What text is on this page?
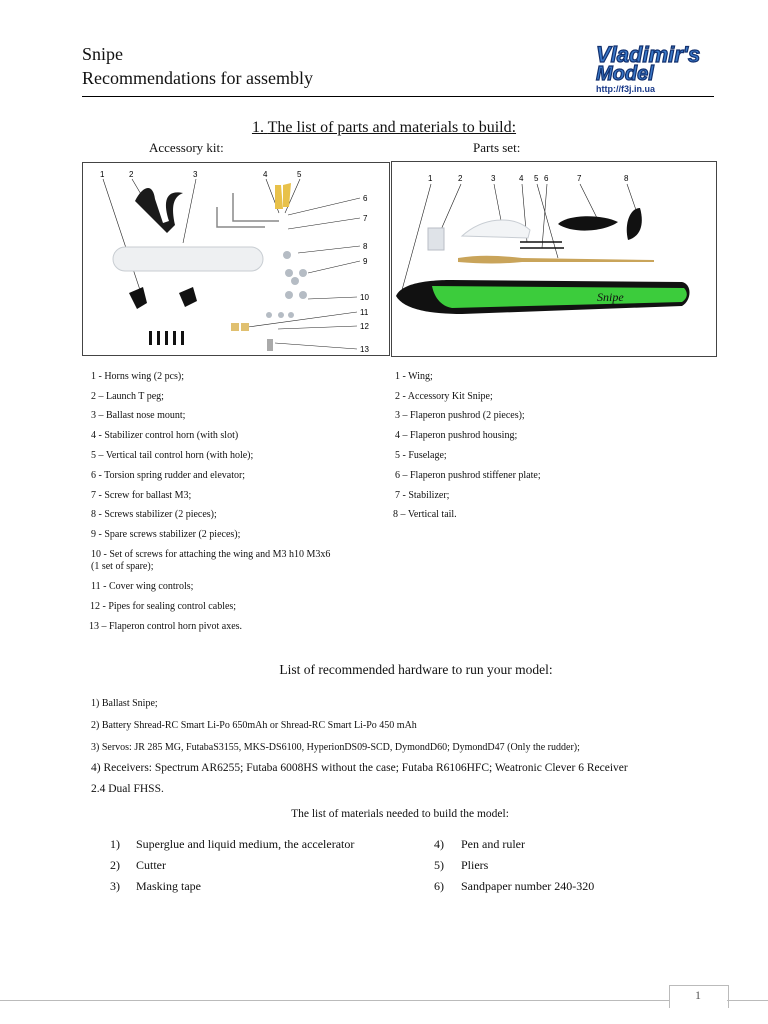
Snipe
Recommendations for assembly
Vladimir's
Model
http://f3j.in.ua
1. The list of parts and materials to build:
Accessory kit:	Parts set:
1	2	3	4	5
6
7
8
9
10
11
12
13
1	2	3	4 5 6	7	8
Snipe
1 - Horns wing (2 pcs);
2 – Launch T peg;
3 – Ballast nose mount;
4 - Stabilizer control horn (with slot)
5 – Vertical tail control horn (with hole);
6 - Torsion spring rudder and elevator;
7 - Screw for ballast M3;
8 - Screws stabilizer (2 pieces);
9 - Spare screws stabilizer (2 pieces);
10 - Set of screws for attaching the wing and M3 h10 M3x6
(1 set of spare);
11 - Cover wing controls;
12 - Pipes for sealing control cables;
13 – Flaperon control horn pivot axes.
1 - Wing;
2 - Accessory Kit Snipe;
3 – Flaperon pushrod (2 pieces);
4 – Flaperon pushrod housing;
5 - Fuselage;
6 – Flaperon pushrod stiffener plate;
7 - Stabilizer;
8 – Vertical tail.
List of recommended hardware to run your model:
1) Ballast Snipe;
2) Battery Shread-RC Smart Li-Po 650mAh or Shread-RC Smart Li-Po 450 mAh
3) Servos: JR 285 MG, FutabaS3155, MKS-DS6100, HyperionDS09-SCD, DymondD60; DymondD47 (Only the rudder);
4) Receivers: Spectrum AR6255; Futaba 6008HS without the case; Futaba R6106HFC; Weatronic Clever 6 Receiver
2.4 Dual FHSS.
The list of materials needed to build the model:
1) Superglue and liquid medium, the accelerator
2) Cutter
3) Masking tape
4) Pen and ruler
5) Pliers
6) Sandpaper number 240-320
1
